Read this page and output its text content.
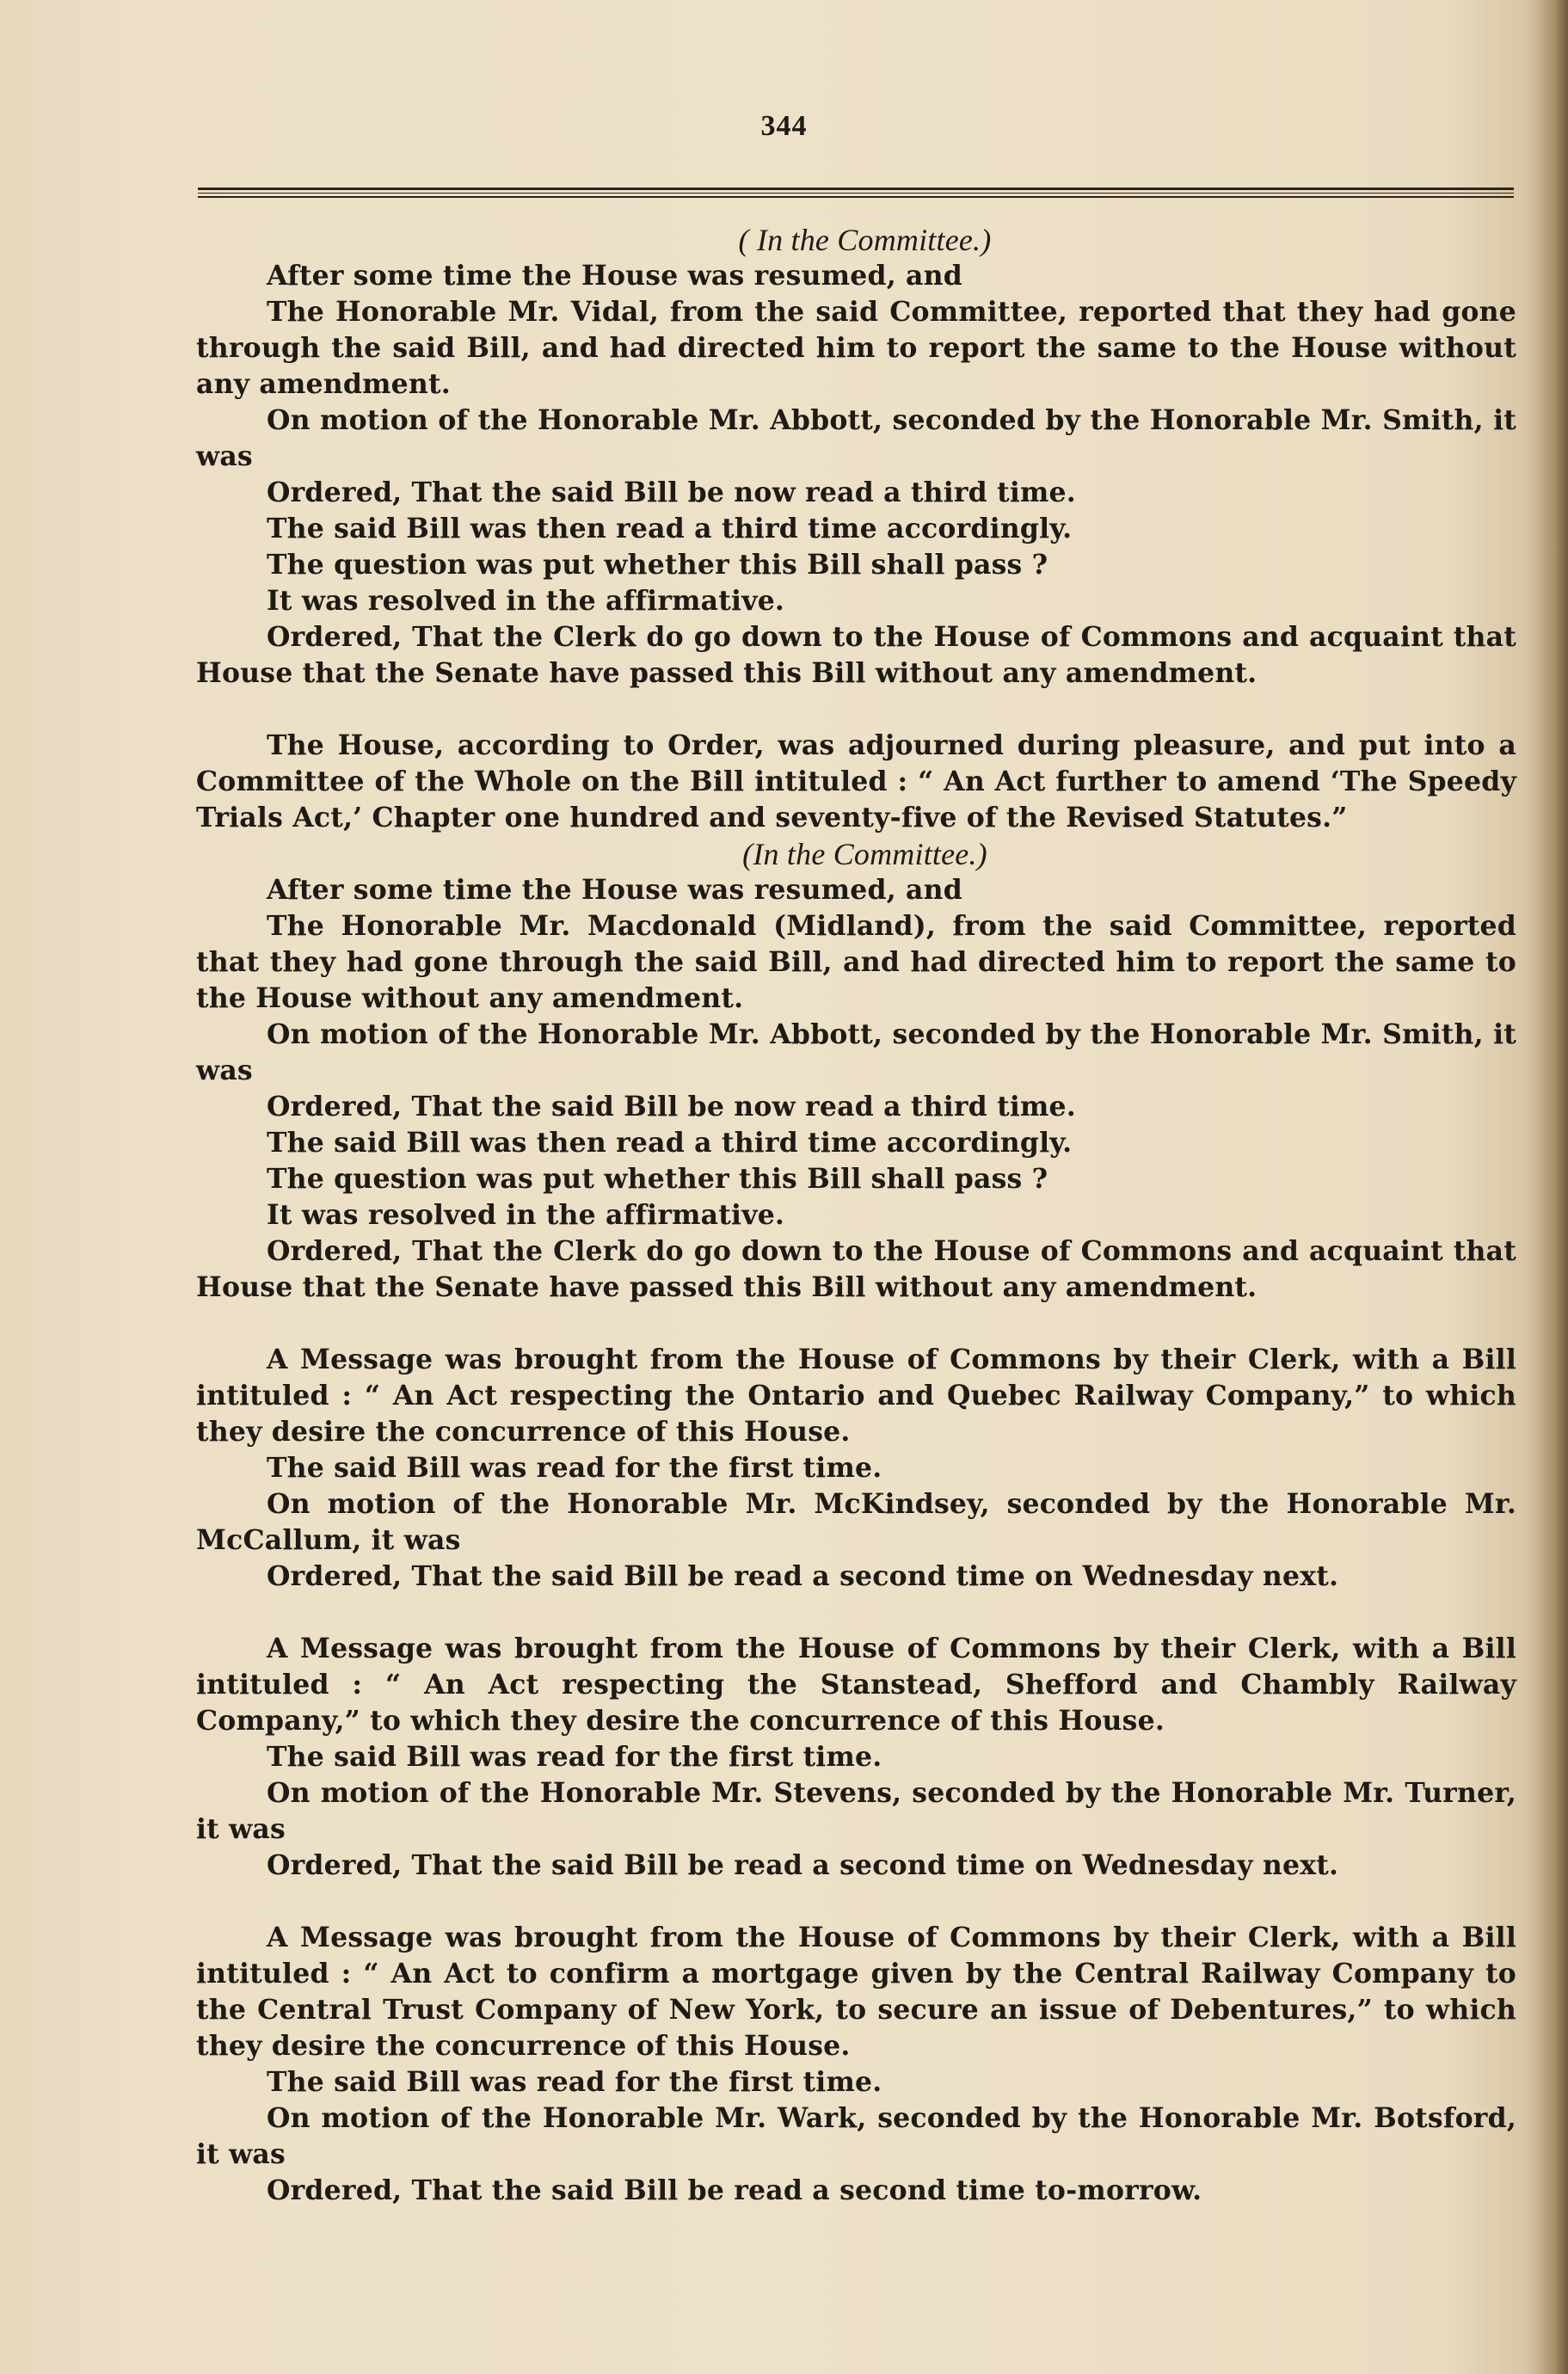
344

( In the Committee.)

After some time the House was resumed, and

The Honorable Mr. Vidal, from the said Committee, reported that they had gone through the said Bill, and had directed him to report the same to the House without any amendment.

On motion of the Honorable Mr. Abbott, seconded by the Honorable Mr. Smith, it was

Ordered, That the said Bill be now read a third time.

The said Bill was then read a third time accordingly.

The question was put whether this Bill shall pass ?

It was resolved in the affirmative.

Ordered, That the Clerk do go down to the House of Commons and acquaint that House that the Senate have passed this Bill without any amendment.

The House, according to Order, was adjourned during pleasure, and put into a Committee of the Whole on the Bill intituled : “ An Act further to amend ‘The Speedy Trials Act,’ Chapter one hundred and seventy-five of the Revised Statutes.”

(In the Committee.)

After some time the House was resumed, and

The Honorable Mr. Macdonald (Midland), from the said Committee, reported that they had gone through the said Bill, and had directed him to report the same to the House without any amendment.

On motion of the Honorable Mr. Abbott, seconded by the Honorable Mr. Smith, it was

Ordered, That the said Bill be now read a third time.

The said Bill was then read a third time accordingly.

The question was put whether this Bill shall pass ?

It was resolved in the affirmative.

Ordered, That the Clerk do go down to the House of Commons and acquaint that House that the Senate have passed this Bill without any amendment.

A Message was brought from the House of Commons by their Clerk, with a Bill intituled : “ An Act respecting the Ontario and Quebec Railway Company,” to which they desire the concurrence of this House.

The said Bill was read for the first time.

On motion of the Honorable Mr. McKindsey, seconded by the Honorable Mr. McCallum, it was

Ordered, That the said Bill be read a second time on Wednesday next.

A Message was brought from the House of Commons by their Clerk, with a Bill intituled : “ An Act respecting the Stanstead, Shefford and Chambly Railway Company,” to which they desire the concurrence of this House.

The said Bill was read for the first time.

On motion of the Honorable Mr. Stevens, seconded by the Honorable Mr. Turner, it was

Ordered, That the said Bill be read a second time on Wednesday next.

A Message was brought from the House of Commons by their Clerk, with a Bill intituled : “ An Act to confirm a mortgage given by the Central Railway Company to the Central Trust Company of New York, to secure an issue of Debentures,” to which they desire the concurrence of this House.

The said Bill was read for the first time.

On motion of the Honorable Mr. Wark, seconded by the Honorable Mr. Botsford, it was

Ordered, That the said Bill be read a second time to-morrow.
